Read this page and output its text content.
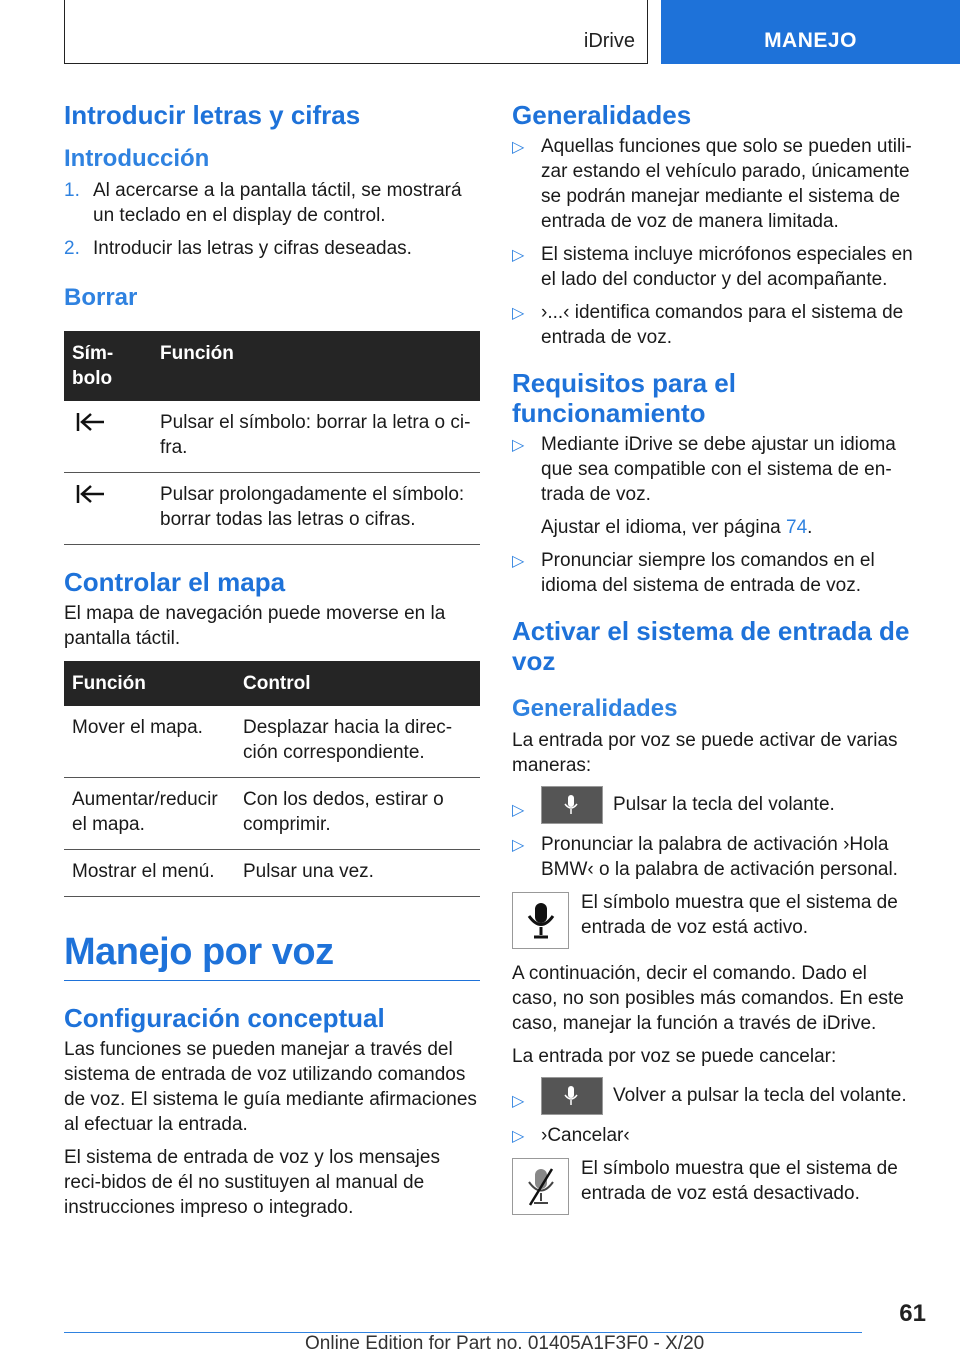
iDrive	MANEJO
Introducir letras y cifras
Introducción
1. Al acercarse a la pantalla táctil, se mostrará un teclado en el display de control.
2. Introducir las letras y cifras deseadas.
Borrar
Sím-
bolo	Función
	Pulsar el símbolo: borrar la letra o ci-fra.
	Pulsar prolongadamente el símbolo: borrar todas las letras o cifras.
Controlar el mapa

El mapa de navegación puede moverse en la pantalla táctil.

Función	Control
Mover el mapa.	Desplazar hacia la direc-ción correspondiente.
Aumentar/reducir el mapa.	Con los dedos, estirar o comprimir.
Mostrar el menú.	Pulsar una vez.
Manejo por voz
Configuración conceptual

Las funciones se pueden manejar a través del sistema de entrada de voz utilizando comandos de voz. El sistema le guía mediante afirmaciones al efectuar la entrada.

El sistema de entrada de voz y los mensajes reci-bidos de él no sustituyen al manual de instrucciones impreso o integrado.

Generalidades
▷ Aquellas funciones que solo se pueden utili-zar estando el vehículo parado, únicamente se podrán manejar mediante el sistema de entrada de voz de manera limitada.
▷ El sistema incluye micrófonos especiales en el lado del conductor y del acompañante.
▷ ›...‹ identifica comandos para el sistema de entrada de voz.
Requisitos para el funcionamiento
▷ Mediante iDrive se debe ajustar un idioma que sea compatible con el sistema de en-trada de voz.
Ajustar el idioma, ver página 74.
▷ Pronunciar siempre los comandos en el idioma del sistema de entrada de voz.
Activar el sistema de entrada de voz
Generalidades

La entrada por voz se puede activar de varias maneras:

▷	Pulsar la tecla del volante.
▷ Pronunciar la palabra de activación ›Hola BMW‹ o la palabra de activación personal.

El símbolo muestra que el sistema de entrada de voz está activo.

A continuación, decir el comando. Dado el caso, no son posibles más comandos. En este caso, manejar la función a través de iDrive.

La entrada por voz se puede cancelar:

▷	Volver a pulsar la tecla del volante.
▷ ›Cancelar‹

El símbolo muestra que el sistema de entrada de voz está desactivado.

61
Online Edition for Part no. 01405A1F3F0 - X/20
